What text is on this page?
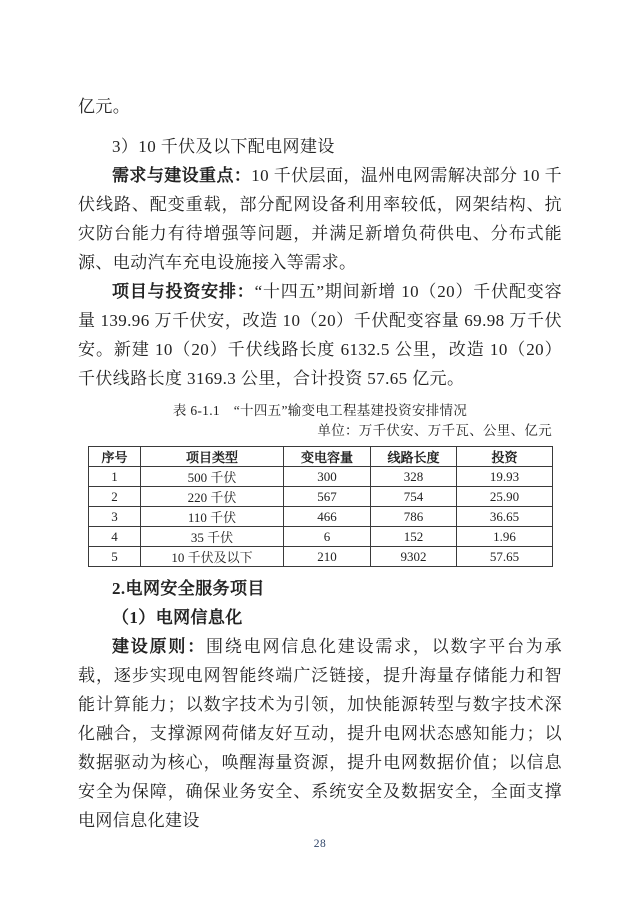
亿元。

3）10 千伏及以下配电网建设

需求与建设重点：10 千伏层面，温州电网需解决部分 10 千伏线路、配变重载，部分配网设备利用率较低，网架结构、抗灾防台能力有待增强等问题，并满足新增负荷供电、分布式能源、电动汽车充电设施接入等需求。

项目与投资安排：“十四五”期间新增 10（20）千伏配变容量 139.96 万千伏安，改造 10（20）千伏配变容量 69.98 万千伏安。新建 10（20）千伏线路长度 6132.5 公里，改造 10（20）千伏线路长度 3169.3 公里，合计投资 57.65 亿元。

表 6-1.1　“十四五”输变电工程基建投资安排情况
单位：万千伏安、万千瓦、公里、亿元
序号	项目类型	变电容量	线路长度	投资
1	500 千伏	300	328	19.93
2	220 千伏	567	754	25.90
3	110 千伏	466	786	36.65
4	35 千伏	6	152	1.96
5	10 千伏及以下	210	9302	57.65

2.电网安全服务项目

（1）电网信息化

建设原则：围绕电网信息化建设需求，以数字平台为承载，逐步实现电网智能终端广泛链接，提升海量存储能力和智能计算能力；以数字技术为引领，加快能源转型与数字技术深化融合，支撑源网荷储友好互动，提升电网状态感知能力；以数据驱动为核心，唤醒海量资源，提升电网数据价值；以信息安全为保障，确保业务安全、系统安全及数据安全，全面支撑电网信息化建设

28
